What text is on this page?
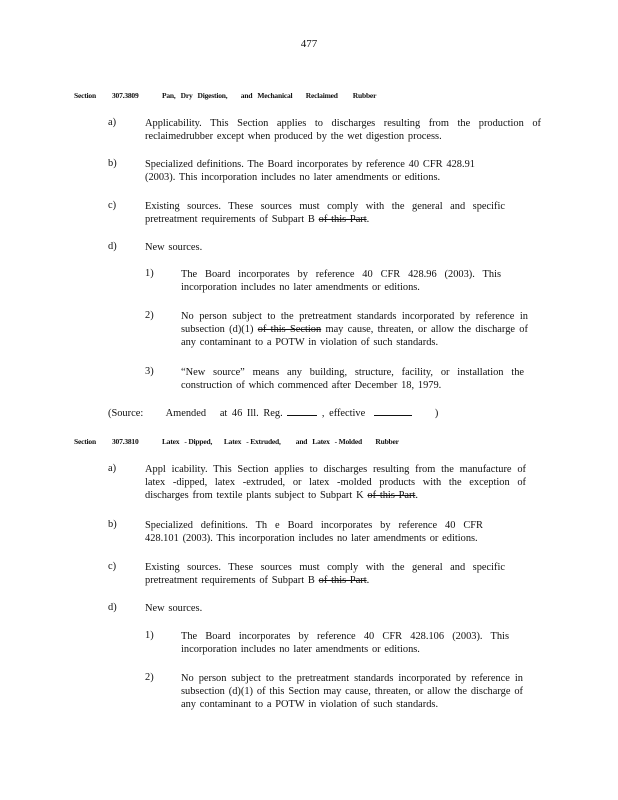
477
Section	307.3809	Pan,   Dry   Digestion,        and   Mechanical        Reclaimed         Rubber
a)	Applicability. This Section applies to discharges resulting from the production of reclaimedrubber except when produced by the wet digestion process.
b)	Specialized definitions. The Board incorporates by reference 40 CFR 428.91 (2003). This incorporation includes no later amendments or editions.
c)	Existing sources. These sources must comply with the general and specific pretreatment requirements of Subpart B of this Part.
d)	New sources.
1)	The Board incorporates by reference 40 CFR 428.96 (2003). This incorporation includes no later amendments or editions.
2)	No person subject to the pretreatment standards incorporated by reference in subsection (d)(1) of this Section may cause, threaten, or allow the discharge of any contaminant to a POTW in violation of such standards.
3)	“New source” means any building, structure, facility, or installation the construction of which commenced after December 18, 1979.
(Source: Amended   at 46 Ill. Reg.	, effective	)
Section	307.3810	Latex   - Dipped,       Latex   - Extruded,         and   Latex   - Molded        Rubber
a)	Appl icability. This Section applies to discharges resulting from the manufacture of latex -dipped, latex -extruded, or latex -molded products with the exception of discharges from textile plants subject to Subpart K of this Part.
b)	Specialized definitions. Th e Board incorporates by reference 40 CFR 428.101 (2003). This incorporation includes no later amendments or editions.
c)	Existing sources. These sources must comply with the general and specific pretreatment requirements of Subpart B of this Part.
d)	New sources.
1)	The Board incorporates by reference 40 CFR 428.106 (2003). This incorporation includes no later amendments or editions.
2)	No person subject to the pretreatment standards incorporated by reference in subsection (d)(1) of this Section may cause, threaten, or allow the discharge of any contaminant to a POTW in violation of such standards.
